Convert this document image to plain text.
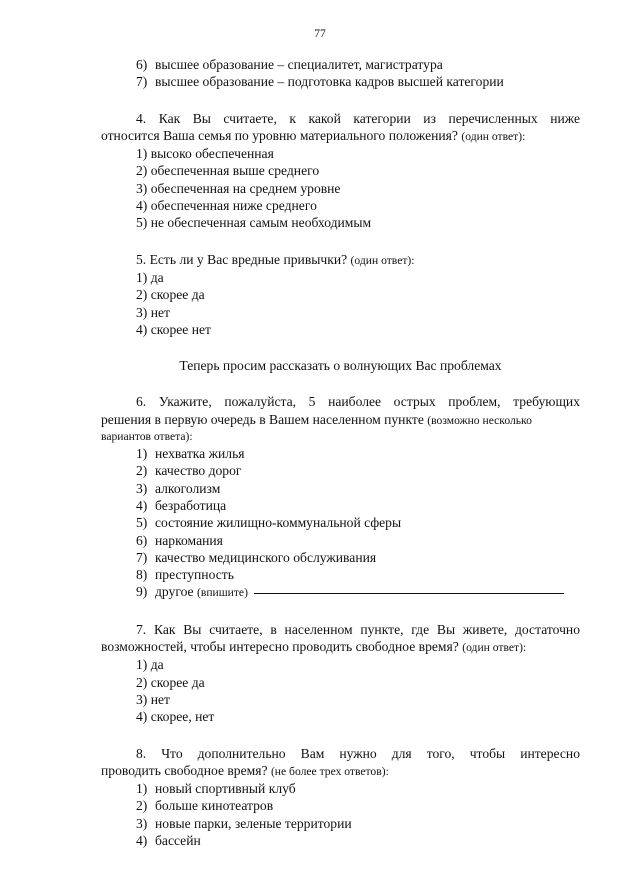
77
6) высшее образование – специалитет, магистратура
7) высшее образование – подготовка кадров высшей категории
4. Как Вы считаете, к какой категории из перечисленных ниже
относится Ваша семья по уровню материального положения? (один ответ):
1) высоко обеспеченная
2) обеспеченная выше среднего
3) обеспеченная на среднем уровне
4) обеспеченная ниже среднего
5) не обеспеченная самым необходимым
5. Есть ли у Вас вредные привычки? (один ответ):
1) да
2) скорее да
3) нет
4) скорее нет
Теперь просим рассказать о волнующих Вас проблемах
6. Укажите, пожалуйста, 5 наиболее острых проблем, требующих
решения в первую очередь в Вашем населенном пункте (возможно несколько
вариантов ответа):
1) нехватка жилья
2) качество дорог
3) алкоголизм
4) безработица
5) состояние жилищно-коммунальной сферы
6) наркомания
7) качество медицинского обслуживания
8) преступность
9) другое (впишите)
7. Как Вы считаете, в населенном пункте, где Вы живете, достаточно
возможностей, чтобы интересно проводить свободное время? (один ответ):
1) да
2) скорее да
3) нет
4) скорее, нет
8. Что дополнительно Вам нужно для того, чтобы интересно
проводить свободное время? (не более трех ответов):
1) новый спортивный клуб
2) больше кинотеатров
3) новые парки, зеленые территории
4) бассейн
